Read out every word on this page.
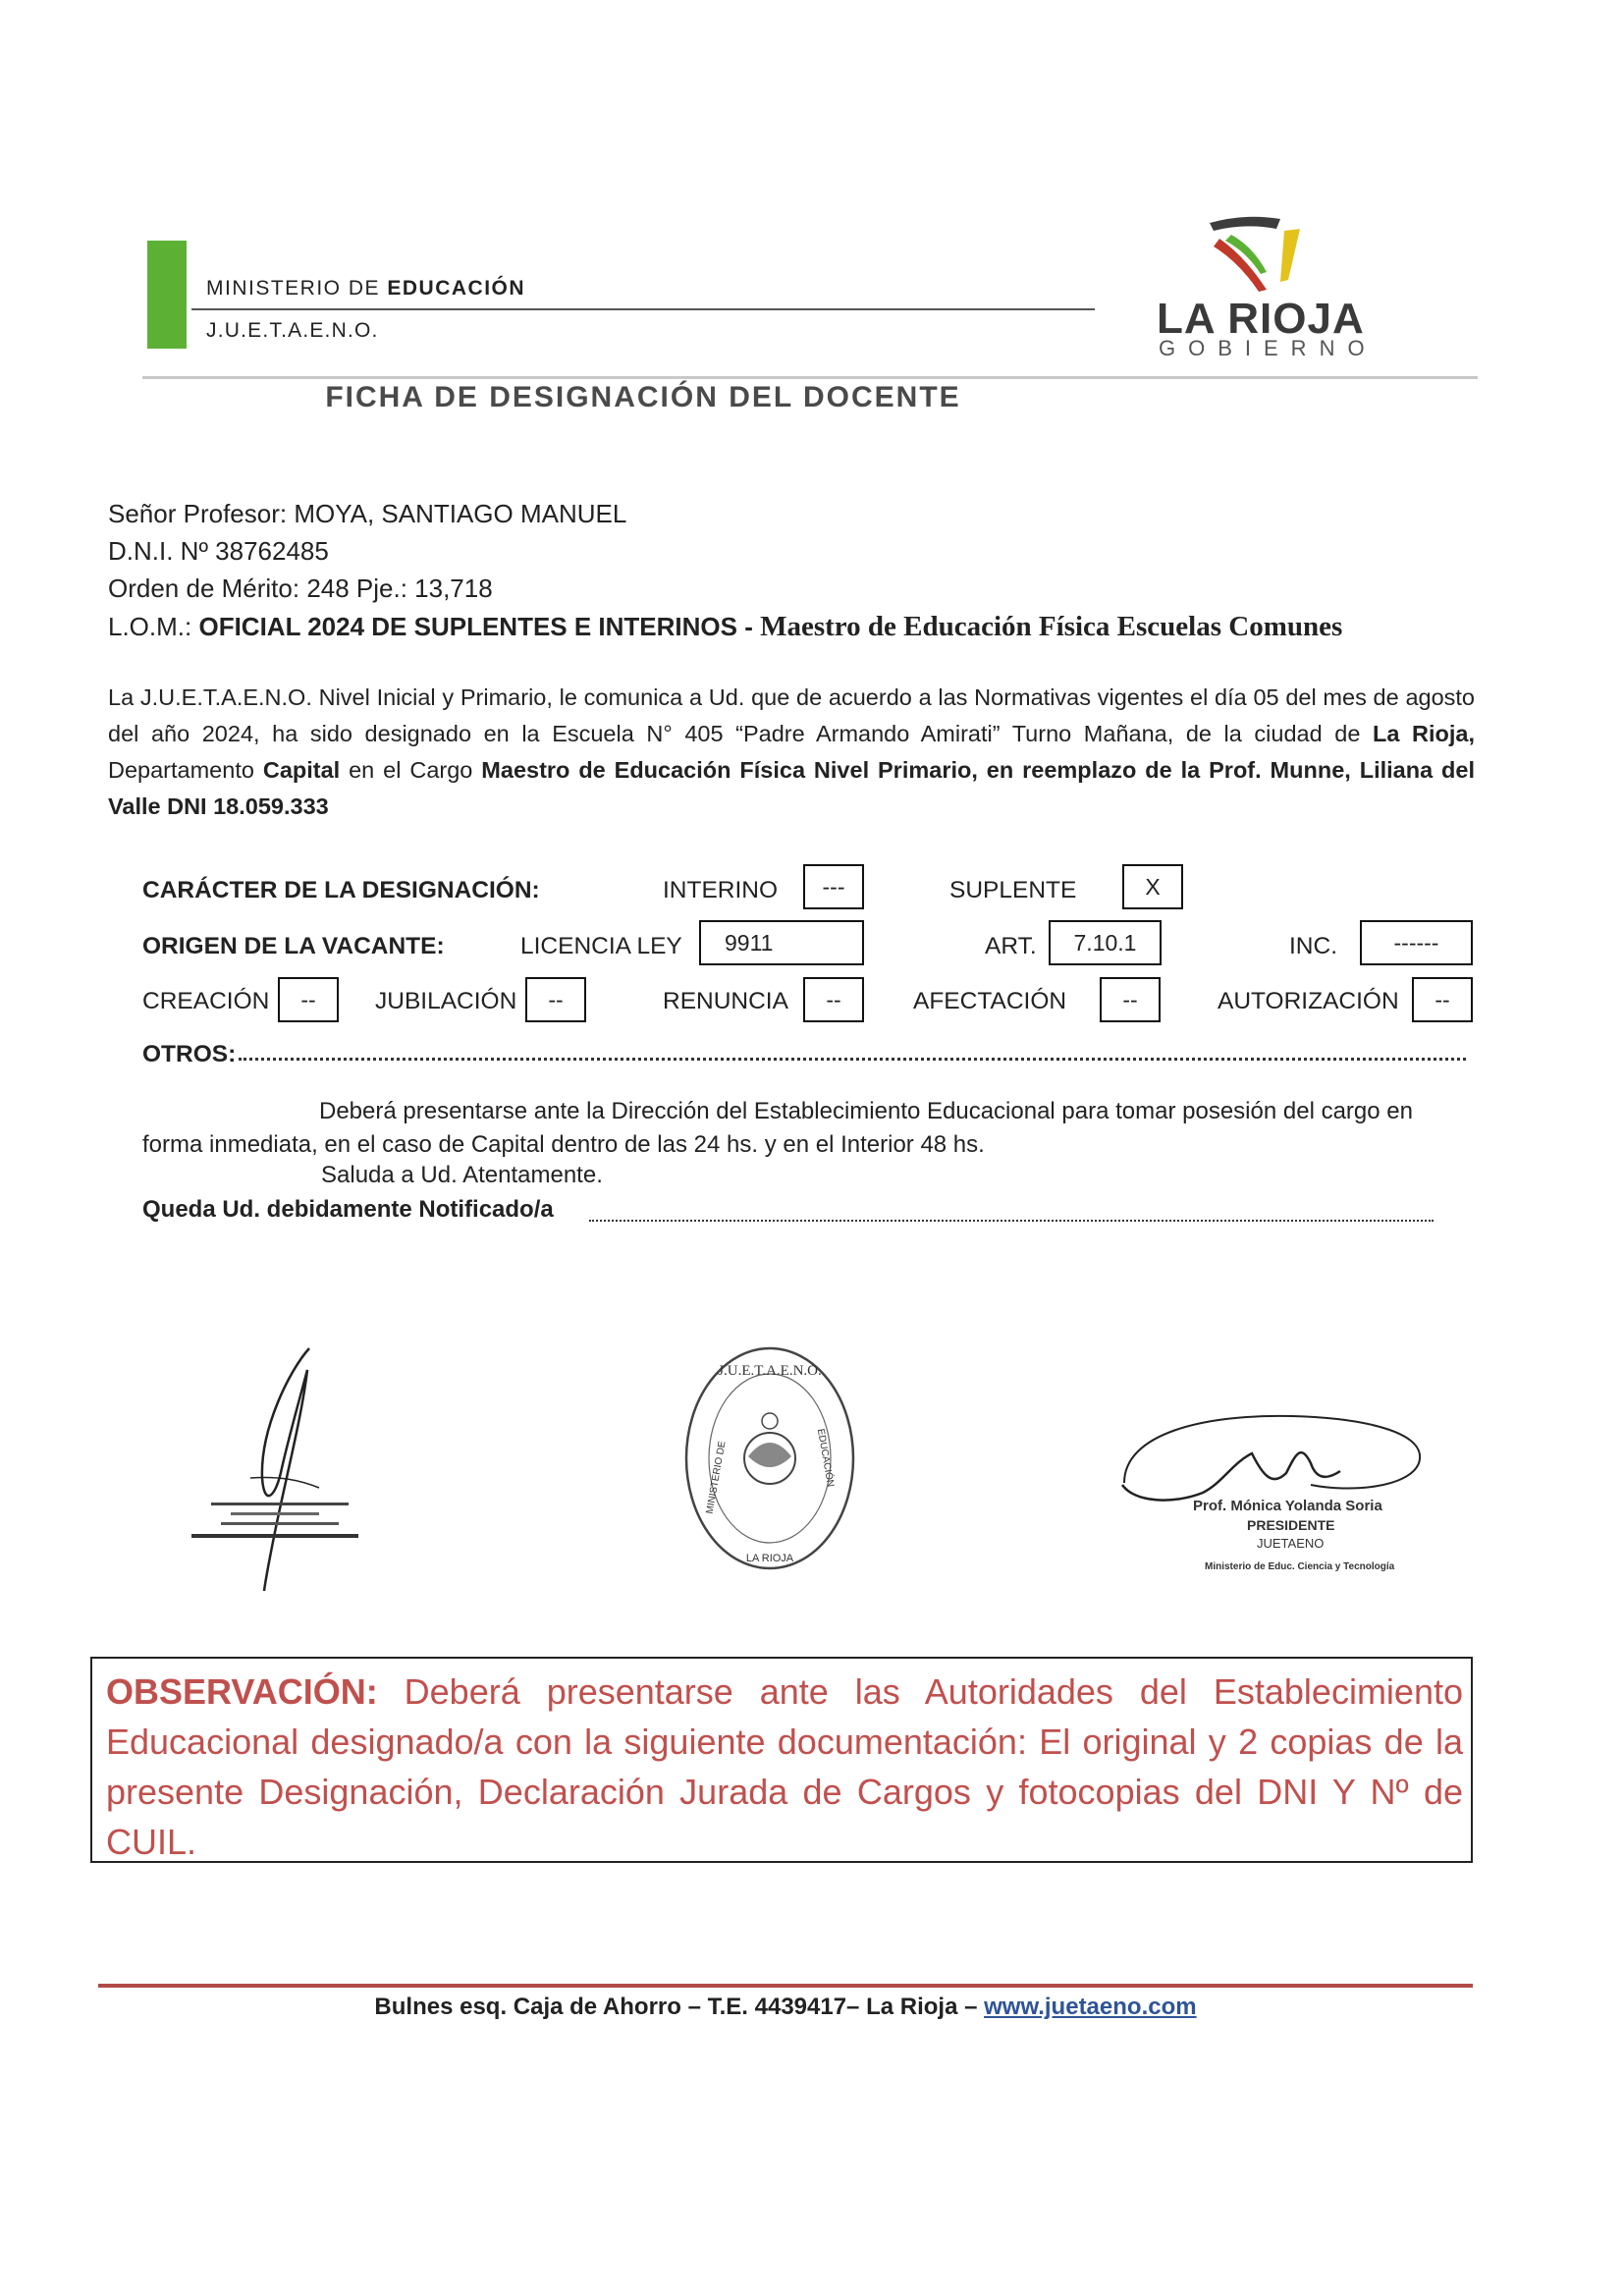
MINISTERIO DE EDUCACIÓN
J.U.E.T.A.E.N.O.	LA RIOJA
GOBIERNO
FICHA DE DESIGNACIÓN DEL DOCENTE
Señor Profesor: MOYA, SANTIAGO MANUEL
D.N.I. Nº 38762485
Orden de Mérito: 248 Pje.: 13,718
L.O.M.: OFICIAL 2024 DE SUPLENTES E INTERINOS - Maestro de Educación Física Escuelas Comunes
La J.U.E.T.A.E.N.O. Nivel Inicial y Primario, le comunica a Ud. que de acuerdo a las Normativas vigentes el día 05 del mes de agosto del año 2024, ha sido designado en la Escuela N° 405 “Padre Armando Amirati” Turno Mañana, de la ciudad de La Rioja, Departamento Capital en el Cargo Maestro de Educación Física Nivel Primario, en reemplazo de la Prof. Munne, Liliana del Valle DNI 18.059.333
CARÁCTER DE LA DESIGNACIÓN:	INTERINO	---	SUPLENTE	X
ORIGEN DE LA VACANTE:	LICENCIA LEY	9911	ART.	7.10.1	INC.	------
CREACIÓN	--	JUBILACIÓN	--	RENUNCIA	--	AFECTACIÓN	--	AUTORIZACIÓN	--
OTROS:
Deberá presentarse ante la Dirección del Establecimiento Educacional para tomar posesión del cargo en forma inmediata, en el caso de Capital dentro de las 24 hs. y en el Interior 48 hs.
Saluda a Ud. Atentamente.
Queda Ud. debidamente Notificado/a
J.U.E.T.A.E.N.O.
MINISTERIO DE	EDUCACIÓN
LA RIOJA
Prof. Mónica Yolanda Soria
PRESIDENTE
JUETAENO
Ministerio de Educ. Ciencia y Tecnología
OBSERVACIÓN: Deberá presentarse ante las Autoridades del Establecimiento Educacional designado/a con la siguiente documentación: El original y 2 copias de la presente Designación, Declaración Jurada de Cargos y fotocopias del DNI Y Nº de CUIL.
Bulnes esq. Caja de Ahorro – T.E. 4439417– La Rioja – www.juetaeno.com
